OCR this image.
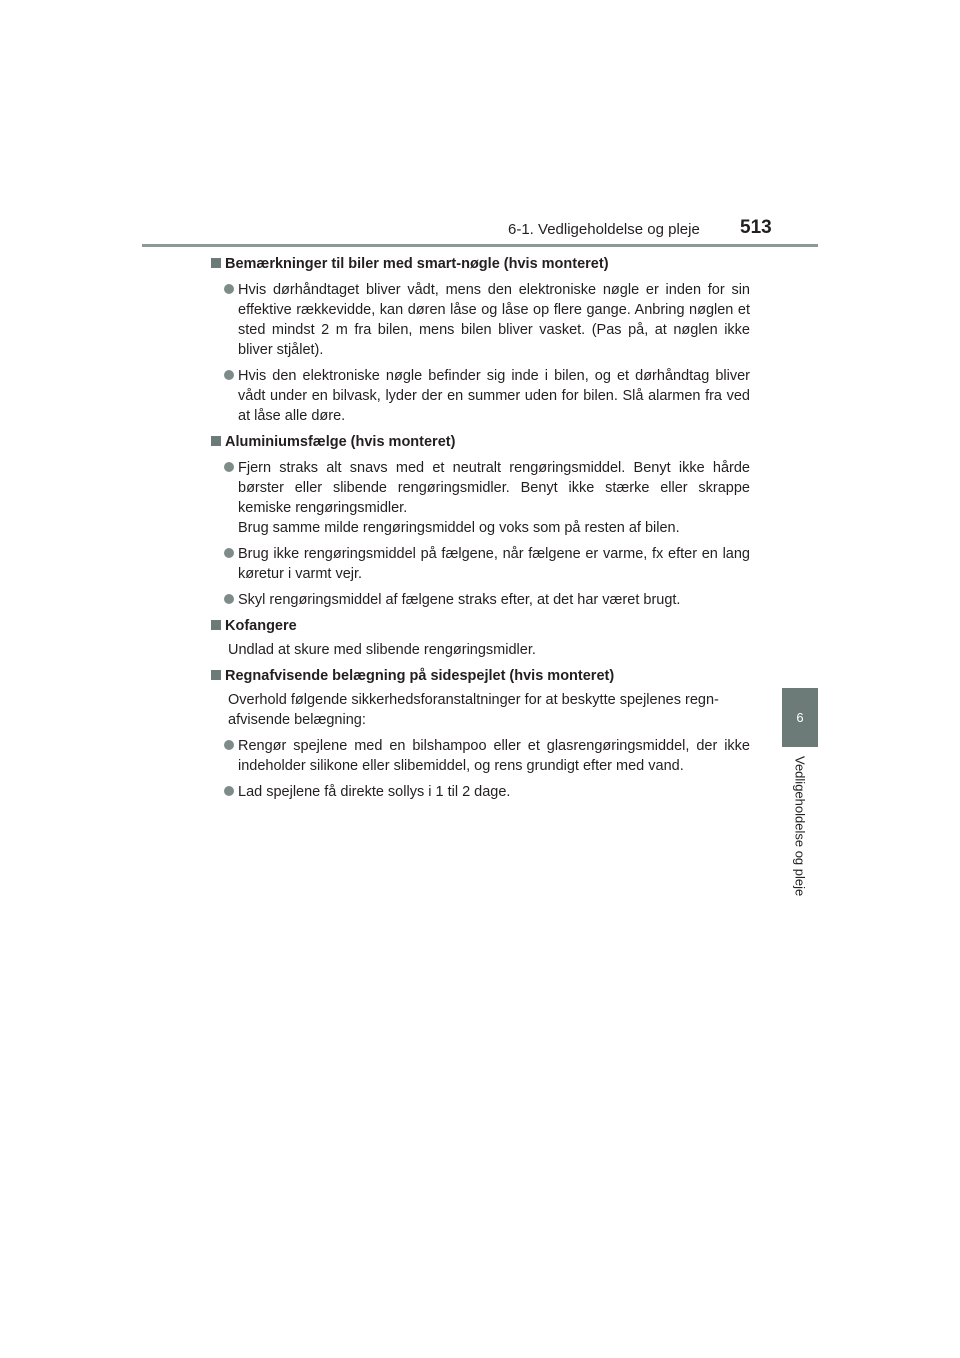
6-1. Vedligeholdelse og pleje 513
6
Vedligeholdelse og pleje
Bemærkninger til biler med smart-nøgle (hvis monteret)
Hvis dørhåndtaget bliver vådt, mens den elektroniske nøgle er inden for sin effektive rækkevidde, kan døren låse og låse op flere gange. Anbring nøglen et sted mindst 2 m fra bilen, mens bilen bliver vasket. (Pas på, at nøglen ikke bliver stjålet).
Hvis den elektroniske nøgle befinder sig inde i bilen, og et dørhåndtag bliver vådt under en bilvask, lyder der en summer uden for bilen. Slå alarmen fra ved at låse alle døre.
Aluminiumsfælge (hvis monteret)
Fjern straks alt snavs med et neutralt rengøringsmiddel. Benyt ikke hårde børster eller slibende rengøringsmidler. Benyt ikke stærke eller skrappe kemiske rengøringsmidler.
Brug samme milde rengøringsmiddel og voks som på resten af bilen.
Brug ikke rengøringsmiddel på fælgene, når fælgene er varme, fx efter en lang køretur i varmt vejr.
Skyl rengøringsmiddel af fælgene straks efter, at det har været brugt.
Kofangere
Undlad at skure med slibende rengøringsmidler.
Regnafvisende belægning på sidespejlet (hvis monteret)
Overhold følgende sikkerhedsforanstaltninger for at beskytte spejlenes regn- afvisende belægning:
Rengør spejlene med en bilshampoo eller et glasrengøringsmiddel, der ikke indeholder silikone eller slibemiddel, og rens grundigt efter med vand.
Lad spejlene få direkte sollys i 1 til 2 dage.
